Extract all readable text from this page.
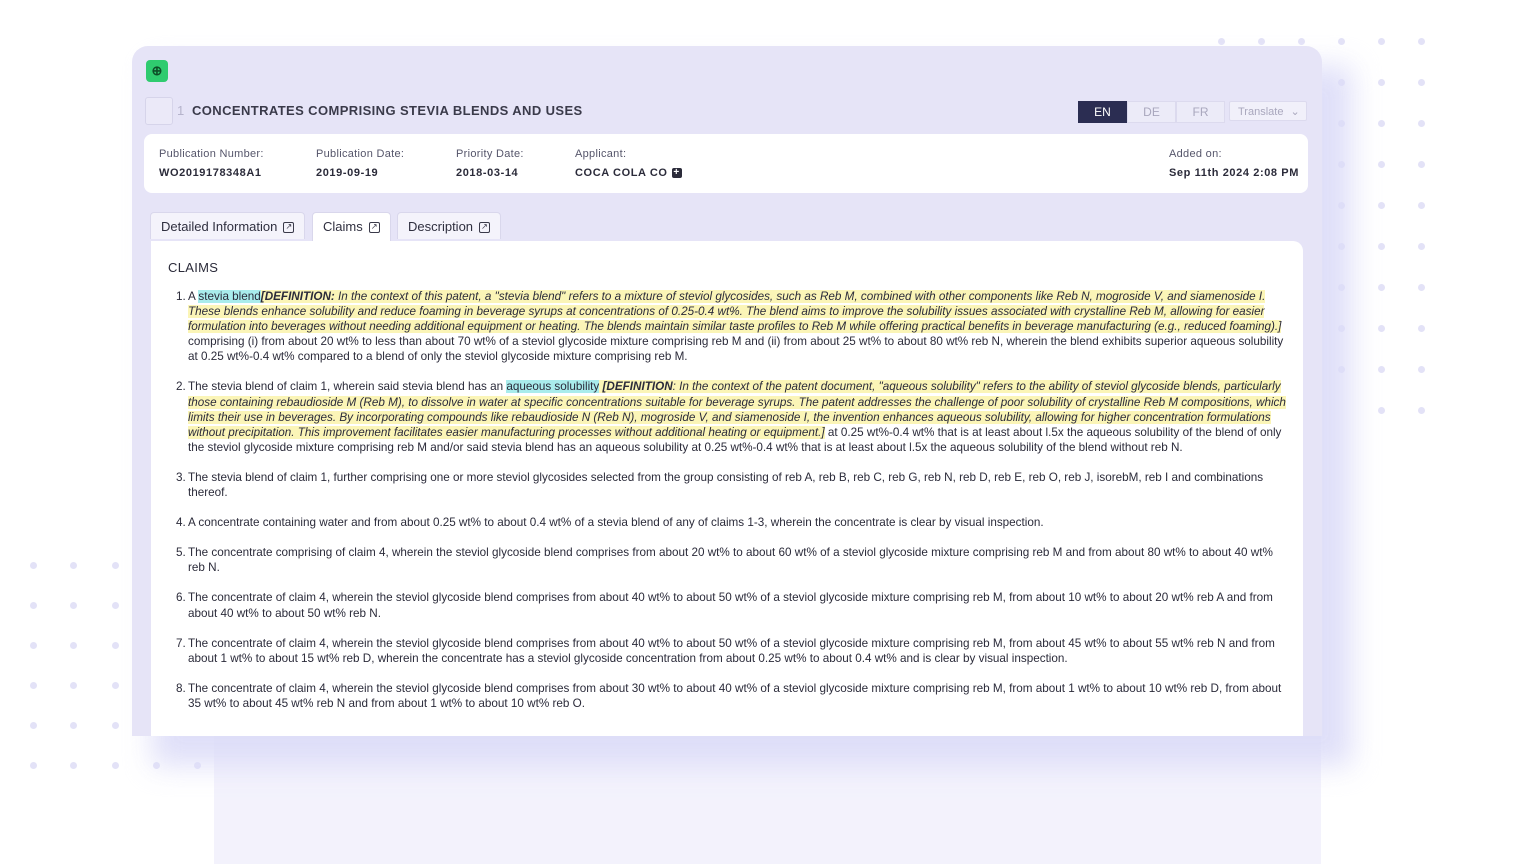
⊕
1 CONCENTRATES COMPRISING STEVIA BLENDS AND USES	EN	DE	FR	Translate ⌄
Publication Number:
WO2019178348A1
Publication Date:
2019-09-19
Priority Date:
2018-03-14
Applicant:
COCA COLA CO +
Added on:
Sep 11th 2024 2:08 PM
Detailed Information ↗	Claims ↗	Description ↗
CLAIMS
1. A stevia blend[DEFINITION: In the context of this patent, a "stevia blend" refers to a mixture of steviol glycosides, such as Reb M, combined with other components like Reb N, mogroside V, and siamenoside I. These blends enhance solubility and reduce foaming in beverage syrups at concentrations of 0.25-0.4 wt%. The blend aims to improve the solubility issues associated with crystalline Reb M, allowing for easier formulation into beverages without needing additional equipment or heating. The blends maintain similar taste profiles to Reb M while offering practical benefits in beverage manufacturing (e.g., reduced foaming).] comprising (i) from about 20 wt% to less than about 70 wt% of a steviol glycoside mixture comprising reb M and (ii) from about 25 wt% to about 80 wt% reb N, wherein the blend exhibits superior aqueous solubility at 0.25 wt%-0.4 wt% compared to a blend of only the steviol glycoside mixture comprising reb M.
2. The stevia blend of claim 1, wherein said stevia blend has an aqueous solubility [DEFINITION: In the context of the patent document, "aqueous solubility" refers to the ability of steviol glycoside blends, particularly those containing rebaudioside M (Reb M), to dissolve in water at specific concentrations suitable for beverage syrups. The patent addresses the challenge of poor solubility of crystalline Reb M compositions, which limits their use in beverages. By incorporating compounds like rebaudioside N (Reb N), mogroside V, and siamenoside I, the invention enhances aqueous solubility, allowing for higher concentration formulations without precipitation. This improvement facilitates easier manufacturing processes without additional heating or equipment.] at 0.25 wt%-0.4 wt% that is at least about l.5x the aqueous solubility of the blend of only the steviol glycoside mixture comprising reb M and/or said stevia blend has an aqueous solubility at 0.25 wt%-0.4 wt% that is at least about l.5x the aqueous solubility of the blend without reb N.
3. The stevia blend of claim 1, further comprising one or more steviol glycosides selected from the group consisting of reb A, reb B, reb C, reb G, reb N, reb D, reb E, reb O, reb J, isorebM, reb I and combinations thereof.
4. A concentrate containing water and from about 0.25 wt% to about 0.4 wt% of a stevia blend of any of claims 1-3, wherein the concentrate is clear by visual inspection.
5. The concentrate comprising of claim 4, wherein the steviol glycoside blend comprises from about 20 wt% to about 60 wt% of a steviol glycoside mixture comprising reb M and from about 80 wt% to about 40 wt% reb N.
6. The concentrate of claim 4, wherein the steviol glycoside blend comprises from about 40 wt% to about 50 wt% of a steviol glycoside mixture comprising reb M, from about 10 wt% to about 20 wt% reb A and from about 40 wt% to about 50 wt% reb N.
7. The concentrate of claim 4, wherein the steviol glycoside blend comprises from about 40 wt% to about 50 wt% of a steviol glycoside mixture comprising reb M, from about 45 wt% to about 55 wt% reb N and from about 1 wt% to about 15 wt% reb D, wherein the concentrate has a steviol glycoside concentration from about 0.25 wt% to about 0.4 wt% and is clear by visual inspection.
8. The concentrate of claim 4, wherein the steviol glycoside blend comprises from about 30 wt% to about 40 wt% of a steviol glycoside mixture comprising reb M, from about 1 wt% to about 10 wt% reb D, from about 35 wt% to about 45 wt% reb N and from about 1 wt% to about 10 wt% reb O.
